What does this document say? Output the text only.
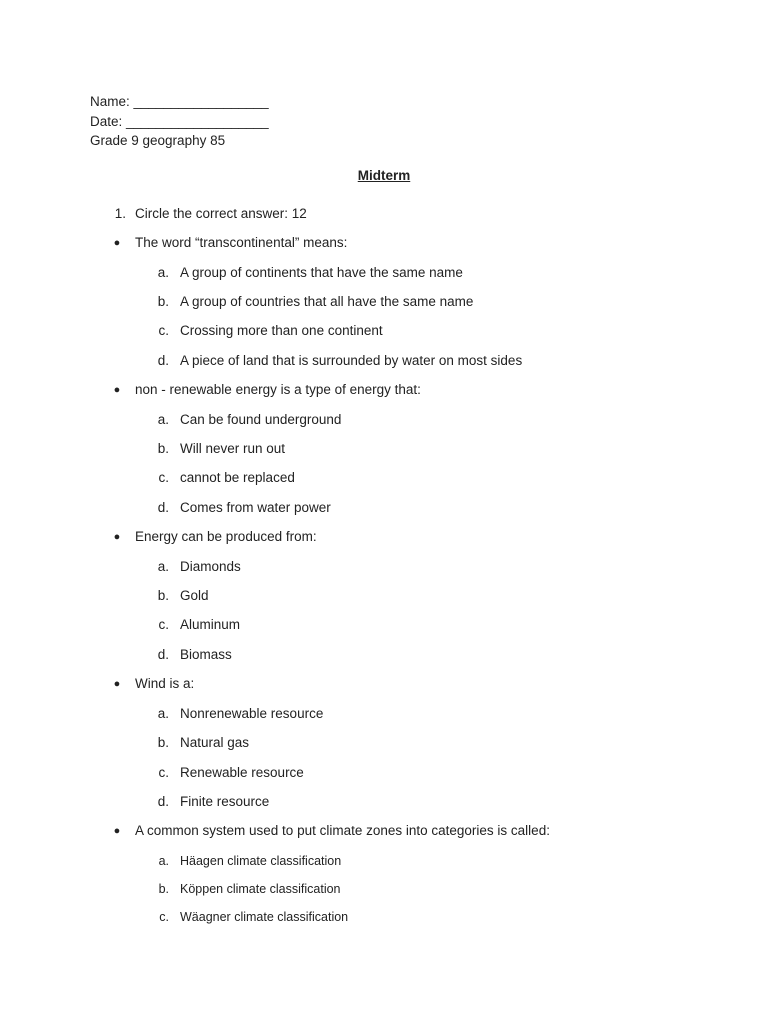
Name: __________________
Date: ___________________
Grade 9 geography 85
Midterm
1. Circle the correct answer: 12
● The word “transcontinental” means:
a. A group of continents that have the same name
b. A group of countries that all have the same name
c. Crossing more than one continent
d. A piece of land that is surrounded by water on most sides
● non - renewable energy is a type of energy that:
a. Can be found underground
b. Will never run out
c. cannot be replaced
d. Comes from water power
● Energy can be produced from:
a. Diamonds
b. Gold
c. Aluminum
d. Biomass
● Wind is a:
a. Nonrenewable resource
b. Natural gas
c. Renewable resource
d. Finite resource
● A common system used to put climate zones into categories is called:
a. Häagen climate classification
b. Köppen climate classification
c. Wäagner climate classification
